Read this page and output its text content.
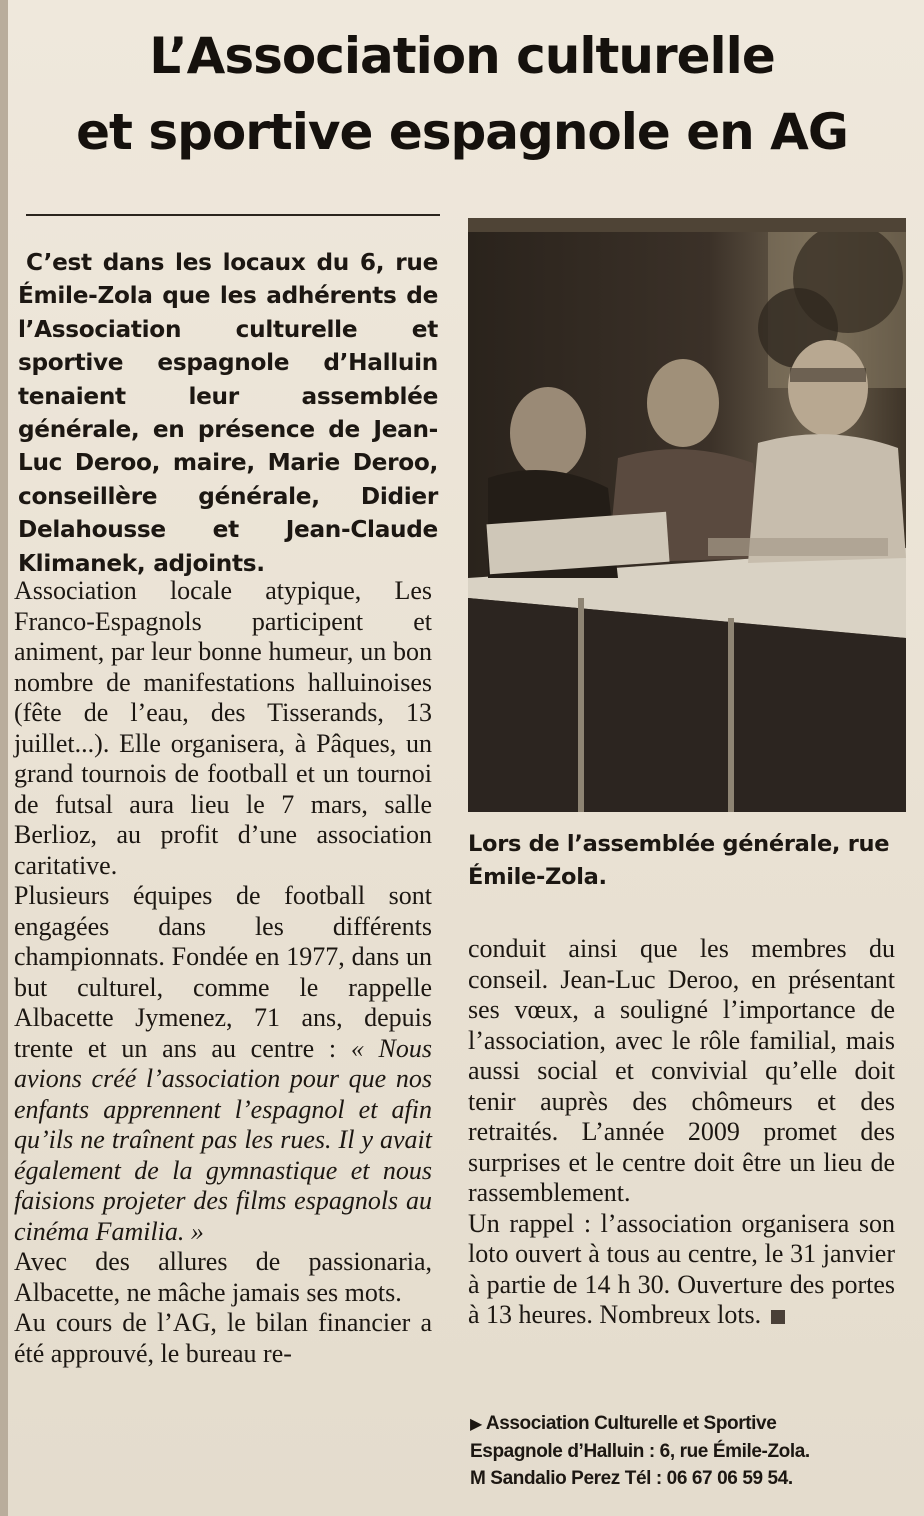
L’Association culturelle
et sportive espagnole en AG
C’est dans les locaux du 6, rue Émile-Zola que les adhérents de l’Association culturelle et sportive espagnole d’Halluin tenaient leur assemblée générale, en présence de Jean-Luc Deroo, maire, Marie Deroo, conseillère générale, Didier Delahousse et Jean-Claude Klimanek, adjoints.

Association locale atypique, Les Franco-Espagnols participent et animent, par leur bonne humeur, un bon nombre de manifestations halluinoises (fête de l’eau, des Tisserands, 13 juillet...). Elle organisera, à Pâques, un grand tournois de football et un tournoi de futsal aura lieu le 7 mars, salle Berlioz, au profit d’une association caritative.

Plusieurs équipes de football sont engagées dans les différents championnats. Fondée en 1977, dans un but culturel, comme le rappelle Albacette Jymenez, 71 ans, depuis trente et un ans au centre : « Nous avions créé l’association pour que nos enfants apprennent l’espagnol et afin qu’ils ne traînent pas les rues. Il y avait également de la gymnastique et nous faisions projeter des films espagnols au cinéma Familia. »

Avec des allures de passionaria, Albacette, ne mâche jamais ses mots.

Au cours de l’AG, le bilan financier a été approuvé, le bureau re-

Lors de l’assemblée générale, rue Émile-Zola.

conduit ainsi que les membres du conseil. Jean-Luc Deroo, en présentant ses vœux, a souligné l’importance de l’association, avec le rôle familial, mais aussi social et convivial qu’elle doit tenir auprès des chômeurs et des retraités. L’année 2009 promet des surprises et le centre doit être un lieu de rassemblement.

Un rappel : l’association organisera son loto ouvert à tous au centre, le 31 janvier à partie de 14 h 30. Ouverture des portes à 13 heures. Nombreux lots.

▶ Association Culturelle et Sportive
Espagnole d’Halluin : 6, rue Émile-Zola.
M Sandalio Perez Tél : 06 67 06 59 54.
